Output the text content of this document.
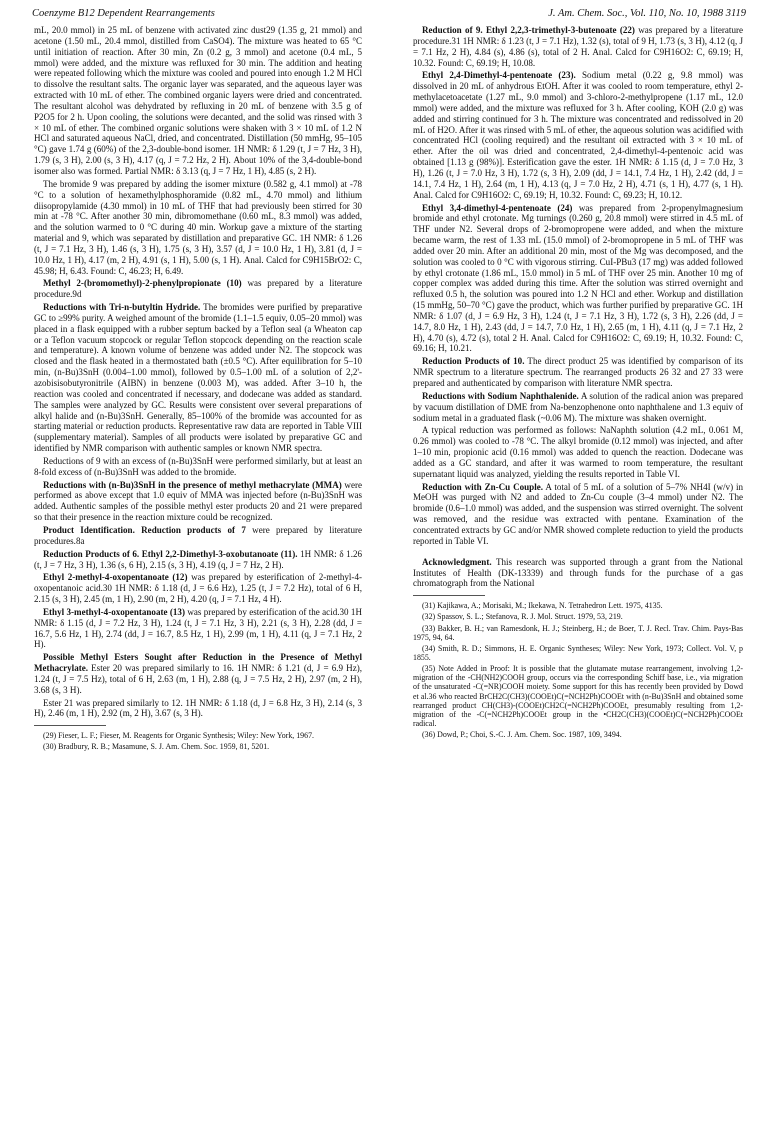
Coenzyme B12 Dependent Rearrangements	J. Am. Chem. Soc., Vol. 110, No. 10, 1988 3119

mL, 20.0 mmol) in 25 mL of benzene with activated zinc dust29 (1.35 g, 21 mmol) and acetone (1.50 mL, 20.4 mmol, distilled from CaSO4). The mixture was heated to 65 °C until initiation of reaction. After 30 min, Zn (0.2 g, 3 mmol) and acetone (0.4 mL, 5 mmol) were added, and the mixture was refluxed for 30 min. The addition and heating were repeated following which the mixture was cooled and poured into enough 1.2 M HCl to dissolve the resultant salts. The organic layer was separated, and the aqueous layer was extracted with 10 mL of ether. The combined organic layers were dried and concentrated. The resultant alcohol was dehydrated by refluxing in 20 mL of benzene with 3.5 g of P2O5 for 2 h. Upon cooling, the solutions were decanted, and the solid was rinsed with 3 × 10 mL of ether. The combined organic solutions were shaken with 3 × 10 mL of 1.2 N HCl and saturated aqueous NaCl, dried, and concentrated. Distillation (50 mmHg, 95–105 °C) gave 1.74 g (60%) of the 2,3-double-bond isomer. 1H NMR: δ 1.29 (t, J = 7 Hz, 3 H), 1.79 (s, 3 H), 2.00 (s, 3 H), 4.17 (q, J = 7.2 Hz, 2 H). About 10% of the 3,4-double-bond isomer also was formed. Partial NMR: δ 3.13 (q, J = 7 Hz, 1 H), 4.85 (s, 2 H).

The bromide 9 was prepared by adding the isomer mixture (0.582 g, 4.1 mmol) at -78 °C to a solution of hexamethylphosphoramide (0.82 mL, 4.70 mmol) and lithium diisopropylamide (4.30 mmol) in 10 mL of THF that had previously been stirred for 30 min at -78 °C. After another 30 min, dibromomethane (0.60 mL, 8.3 mmol) was added, and the solution warmed to 0 °C during 40 min. Workup gave a mixture of the starting material and 9, which was separated by distillation and preparative GC. 1H NMR: δ 1.26 (t, J = 7.1 Hz, 3 H), 1.46 (s, 3 H), 1.75 (s, 3 H), 3.57 (d, J = 10.0 Hz, 1 H), 3.81 (d, J = 10.0 Hz, 1 H), 4.17 (m, 2 H), 4.91 (s, 1 H), 5.00 (s, 1 H). Anal. Calcd for C9H15BrO2: C, 45.98; H, 6.43. Found: C, 46.23; H, 6.49.

Methyl 2-(bromomethyl)-2-phenylpropionate (10) was prepared by a literature procedure.9d

Reductions with Tri-n-butyltin Hydride. The bromides were purified by preparative GC to ≥99% purity. A weighed amount of the bromide (1.1–1.5 equiv, 0.05–20 mmol) was placed in a flask equipped with a rubber septum backed by a Teflon seal (a Wheaton cap or a Teflon vacuum stopcock or regular Teflon stopcock depending on the reaction scale and temperature). A known volume of benzene was added under N2. The stopcock was closed and the flask heated in a thermostated bath (±0.5 °C). After equilibration for 5–10 min, (n-Bu)3SnH (0.004–1.00 mmol), followed by 0.5–1.00 mL of a solution of 2,2'-azobisisobutyronitrile (AIBN) in benzene (0.003 M), was added. After 3–10 h, the reaction was cooled and concentrated if necessary, and dodecane was added as standard. The samples were analyzed by GC. Results were consistent over several preparations of alkyl halide and (n-Bu)3SnH. Generally, 85–100% of the bromide was accounted for as starting material or reduction products. Representative raw data are reported in Table VIII (supplementary material). Samples of all products were isolated by preparative GC and identified by NMR comparison with authentic samples or known NMR spectra.

Reductions of 9 with an excess of (n-Bu)3SnH were performed similarly, but at least an 8-fold excess of (n-Bu)3SnH was added to the bromide.

Reductions with (n-Bu)3SnH in the presence of methyl methacrylate (MMA) were performed as above except that 1.0 equiv of MMA was injected before (n-Bu)3SnH was added. Authentic samples of the possible methyl ester products 20 and 21 were prepared so that their presence in the reaction mixture could be recognized.

Product Identification. Reduction products of 7 were prepared by literature procedures.8a

Reduction Products of 6. Ethyl 2,2-Dimethyl-3-oxobutanoate (11). 1H NMR: δ 1.26 (t, J = 7 Hz, 3 H), 1.36 (s, 6 H), 2.15 (s, 3 H), 4.19 (q, J = 7 Hz, 2 H).

Ethyl 2-methyl-4-oxopentanoate (12) was prepared by esterification of 2-methyl-4-oxopentanoic acid.30 1H NMR: δ 1.18 (d, J = 6.6 Hz), 1.25 (t, J = 7.2 Hz), total of 6 H, 2.15 (s, 3 H), 2.45 (m, 1 H), 2.90 (m, 2 H), 4.20 (q, J = 7.1 Hz, 4 H).

Ethyl 3-methyl-4-oxopentanoate (13) was prepared by esterification of the acid.30 1H NMR: δ 1.15 (d, J = 7.2 Hz, 3 H), 1.24 (t, J = 7.1 Hz, 3 H), 2.21 (s, 3 H), 2.28 (dd, J = 16.7, 5.6 Hz, 1 H), 2.74 (dd, J = 16.7, 8.5 Hz, 1 H), 2.99 (m, 1 H), 4.11 (q, J = 7.1 Hz, 2 H).

Possible Methyl Esters Sought after Reduction in the Presence of Methyl Methacrylate. Ester 20 was prepared similarly to 16. 1H NMR: δ 1.21 (d, J = 6.9 Hz), 1.24 (t, J = 7.5 Hz), total of 6 H, 2.63 (m, 1 H), 2.88 (q, J = 7.5 Hz, 2 H), 2.97 (m, 2 H), 3.68 (s, 3 H).

Ester 21 was prepared similarly to 12. 1H NMR: δ 1.18 (d, J = 6.8 Hz, 3 H), 2.14 (s, 3 H), 2.46 (m, 1 H), 2.92 (m, 2 H), 3.67 (s, 3 H).

(29) Fieser, L. F.; Fieser, M. Reagents for Organic Synthesis; Wiley: New York, 1967.

(30) Bradbury, R. B.; Masamune, S. J. Am. Chem. Soc. 1959, 81, 5201.

Reduction of 9. Ethyl 2,2,3-trimethyl-3-butenoate (22) was prepared by a literature procedure.31 1H NMR: δ 1.23 (t, J = 7.1 Hz), 1.32 (s), total of 9 H, 1.73 (s, 3 H), 4.12 (q, J = 7.1 Hz, 2 H), 4.84 (s), 4.86 (s), total of 2 H. Anal. Calcd for C9H16O2: C, 69.19; H, 10.32. Found: C, 69.19; H, 10.08.

Ethyl 2,4-Dimethyl-4-pentenoate (23). Sodium metal (0.22 g, 9.8 mmol) was dissolved in 20 mL of anhydrous EtOH. After it was cooled to room temperature, ethyl 2-methylacetoacetate (1.27 mL, 9.0 mmol) and 3-chloro-2-methylpropene (1.17 mL, 12.0 mmol) were added, and the mixture was refluxed for 3 h. After cooling, KOH (2.0 g) was added and stirring continued for 3 h. The mixture was concentrated and redissolved in 20 mL of H2O. After it was rinsed with 5 mL of ether, the aqueous solution was acidified with concentrated HCl (cooling required) and the resultant oil extracted with 3 × 10 mL of ether. After the oil was dried and concentrated, 2,4-dimethyl-4-pentenoic acid was obtained [1.13 g (98%)]. Esterification gave the ester. 1H NMR: δ 1.15 (d, J = 7.0 Hz, 3 H), 1.26 (t, J = 7.0 Hz, 3 H), 1.72 (s, 3 H), 2.09 (dd, J = 14.1, 7.4 Hz, 1 H), 2.42 (dd, J = 14.1, 7.4 Hz, 1 H), 2.64 (m, 1 H), 4.13 (q, J = 7.0 Hz, 2 H), 4.71 (s, 1 H), 4.77 (s, 1 H). Anal. Calcd for C9H16O2: C, 69.19; H, 10.32. Found: C, 69.23; H, 10.12.

Ethyl 3,4-dimethyl-4-pentenoate (24) was prepared from 2-propenylmagnesium bromide and ethyl crotonate. Mg turnings (0.260 g, 20.8 mmol) were stirred in 4.5 mL of THF under N2. Several drops of 2-bromopropene were added, and when the mixture became warm, the rest of 1.33 mL (15.0 mmol) of 2-bromopropene in 5 mL of THF was added over 20 min. After an additional 20 min, most of the Mg was decomposed, and the solution was cooled to 0 °C with vigorous stirring. CuI-PBu3 (17 mg) was added followed by ethyl crotonate (1.86 mL, 15.0 mmol) in 5 mL of THF over 25 min. Another 10 mg of copper complex was added during this time. After the solution was stirred overnight and refluxed 0.5 h, the solution was poured into 1.2 N HCl and ether. Workup and distillation (15 mmHg, 50–70 °C) gave the product, which was further purified by preparative GC. 1H NMR: δ 1.07 (d, J = 6.9 Hz, 3 H), 1.24 (t, J = 7.1 Hz, 3 H), 1.72 (s, 3 H), 2.26 (dd, J = 14.7, 8.0 Hz, 1 H), 2.43 (dd, J = 14.7, 7.0 Hz, 1 H), 2.65 (m, 1 H), 4.11 (q, J = 7.1 Hz, 2 H), 4.70 (s), 4.72 (s), total 2 H. Anal. Calcd for C9H16O2: C, 69.19; H, 10.32. Found: C, 69.16; H, 10.21.

Reduction Products of 10. The direct product 25 was identified by comparison of its NMR spectrum to a literature spectrum. The rearranged products 26 32 and 27 33 were prepared and authenticated by comparison with literature NMR spectra.

Reductions with Sodium Naphthalenide. A solution of the radical anion was prepared by vacuum distillation of DME from Na-benzophenone onto naphthalene and 1.3 equiv of sodium metal in a graduated flask (~0.06 M). The mixture was shaken overnight.

A typical reduction was performed as follows: NaNaphth solution (4.2 mL, 0.061 M, 0.26 mmol) was cooled to -78 °C. The alkyl bromide (0.12 mmol) was injected, and after 1–10 min, propionic acid (0.16 mmol) was added to quench the reaction. Dodecane was added as a GC standard, and after it was warmed to room temperature, the resultant supernatant liquid was analyzed, yielding the results reported in Table VI.

Reduction with Zn-Cu Couple. A total of 5 mL of a solution of 5–7% NH4I (w/v) in MeOH was purged with N2 and added to Zn-Cu couple (3–4 mmol) under N2. The bromide (0.6–1.0 mmol) was added, and the suspension was stirred overnight. The solvent was removed, and the residue was extracted with pentane. Examination of the concentrated extracts by GC and/or NMR showed complete reduction to yield the products reported in Table VI.

Acknowledgment. This research was supported through a grant from the National Institutes of Health (DK-13339) and through funds for the purchase of a gas chromatograph from the National

(31) Kajikawa, A.; Morisaki, M.; Ikekawa, N. Tetrahedron Lett. 1975, 4135.

(32) Spassov, S. L.; Stefanova, R. J. Mol. Struct. 1979, 53, 219.

(33) Bakker, B. H.; van Ramesdonk, H. J.; Steinberg, H.; de Boer, T. J. Recl. Trav. Chim. Pays-Bas 1975, 94, 64.

(34) Smith, R. D.; Simmons, H. E. Organic Syntheses; Wiley: New York, 1973; Collect. Vol. V, p 1855.

(35) Note Added in Proof: It is possible that the glutamate mutase rearrangement, involving 1,2-migration of the -CH(NH2)COOH group, occurs via the corresponding Schiff base, i.e., via migration of the unsaturated -C(=NR)COOH moiety. Some support for this has recently been provided by Dowd et al.36 who reacted BrCH2C(CH3)(COOEt)C(=NCH2Ph)COOEt with (n-Bu)3SnH and obtained some rearranged product CH(CH3)-(COOEt)CH2C(=NCH2Ph)COOEt, presumably resulting from 1,2-migration of the -C(=NCH2Ph)COOEt group in the •CH2C(CH3)(COOEt)C(=NCH2Ph)COOEt radical.

(36) Dowd, P.; Choi, S.-C. J. Am. Chem. Soc. 1987, 109, 3494.
